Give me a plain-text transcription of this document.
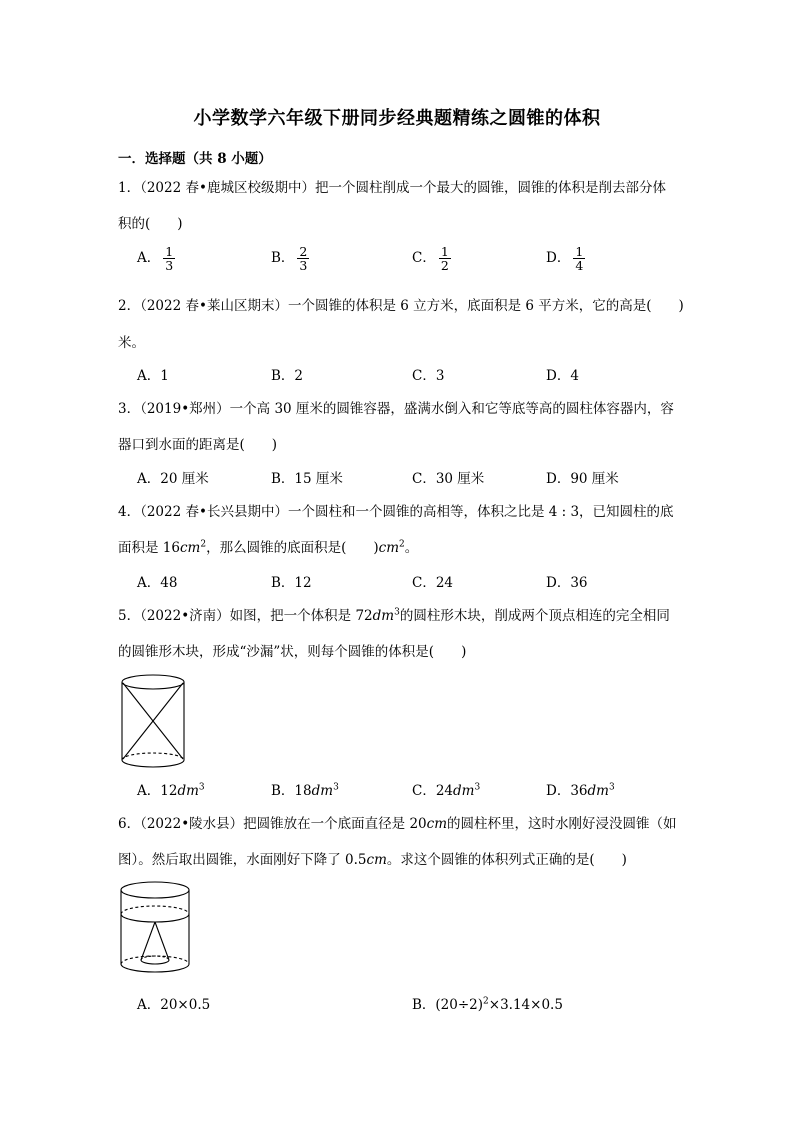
小学数学六年级下册同步经典题精练之圆锥的体积
一．选择题（共 8 小题）
1．（2022 春•鹿城区校级期中）把一个圆柱削成一个最大的圆锥，圆锥的体积是削去部分体
积的(　　)
A． $\frac{1}{3}$	B． $\frac{2}{3}$	C． $\frac{1}{2}$	D． $\frac{1}{4}$
2．（2022 春•莱山区期末）一个圆锥的体积是 6 立方米，底面积是 6 平方米，它的高是(　　)
米。
A．1	B．2	C．3	D．4
3．（2019•郑州）一个高 30 厘米的圆锥容器，盛满水倒入和它等底等高的圆柱体容器内，容
器口到水面的距离是(　　)
A．20 厘米	B．15 厘米	C．30 厘米	D．90 厘米
4．（2022 春•长兴县期中）一个圆柱和一个圆锥的高相等，体积之比是 4 : 3，已知圆柱的底
面积是 $16cm^2$，那么圆锥的底面积是(　　)$cm^2$。
A．48	B．12	C．24	D．36
5．（2022•济南）如图，把一个体积是 $72dm^3$的圆柱形木块，削成两个顶点相连的完全相同
的圆锥形木块，形成“沙漏”状，则每个圆锥的体积是(　　)
A．$12dm^3$	B．$18dm^3$	C．$24dm^3$	D．$36dm^3$
6．（2022•陵水县）把圆锥放在一个底面直径是 20cm的圆柱杯里，这时水刚好浸没圆锥（如
图）。然后取出圆锥，水面刚好下降了 0.5cm。求这个圆锥的体积列式正确的是(　　)
A．20×0.5	B．$(20\div 2)^2\times 3.14\times 0.5$
